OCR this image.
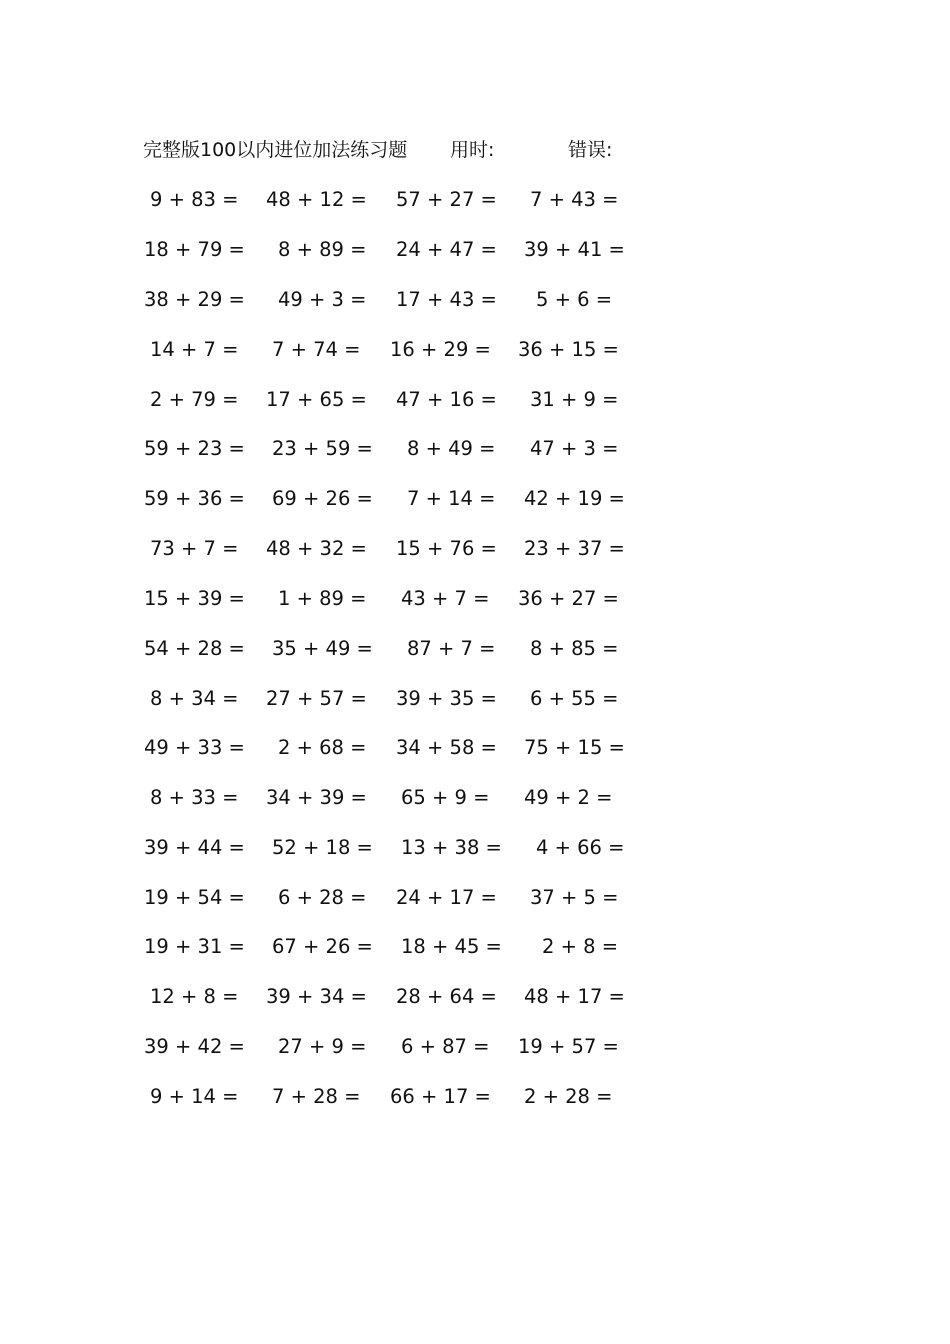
完整版100以内进位加法练习题 用时:	错误:
9 + 83 = 48 + 12 = 57 + 27 = 7 + 43 =
18 + 79 = 8 + 89 = 24 + 47 = 39 + 41 =
38 + 29 = 49 + 3 = 17 + 43 = 5 + 6 =
14 + 7 = 7 + 74 = 16 + 29 = 36 + 15 =
2 + 79 = 17 + 65 = 47 + 16 = 31 + 9 =
59 + 23 = 23 + 59 = 8 + 49 = 47 + 3 =
59 + 36 = 69 + 26 = 7 + 14 = 42 + 19 =
73 + 7 = 48 + 32 = 15 + 76 = 23 + 37 =
15 + 39 = 1 + 89 = 43 + 7 = 36 + 27 =
54 + 28 = 35 + 49 = 87 + 7 = 8 + 85 =
8 + 34 = 27 + 57 = 39 + 35 = 6 + 55 =
49 + 33 = 2 + 68 = 34 + 58 = 75 + 15 =
8 + 33 = 34 + 39 = 65 + 9 = 49 + 2 =
39 + 44 = 52 + 18 = 13 + 38 = 4 + 66 =
19 + 54 = 6 + 28 = 24 + 17 = 37 + 5 =
19 + 31 = 67 + 26 = 18 + 45 = 2 + 8 =
12 + 8 = 39 + 34 = 28 + 64 = 48 + 17 =
39 + 42 = 27 + 9 = 6 + 87 = 19 + 57 =
9 + 14 = 7 + 28 = 66 + 17 = 2 + 28 =
